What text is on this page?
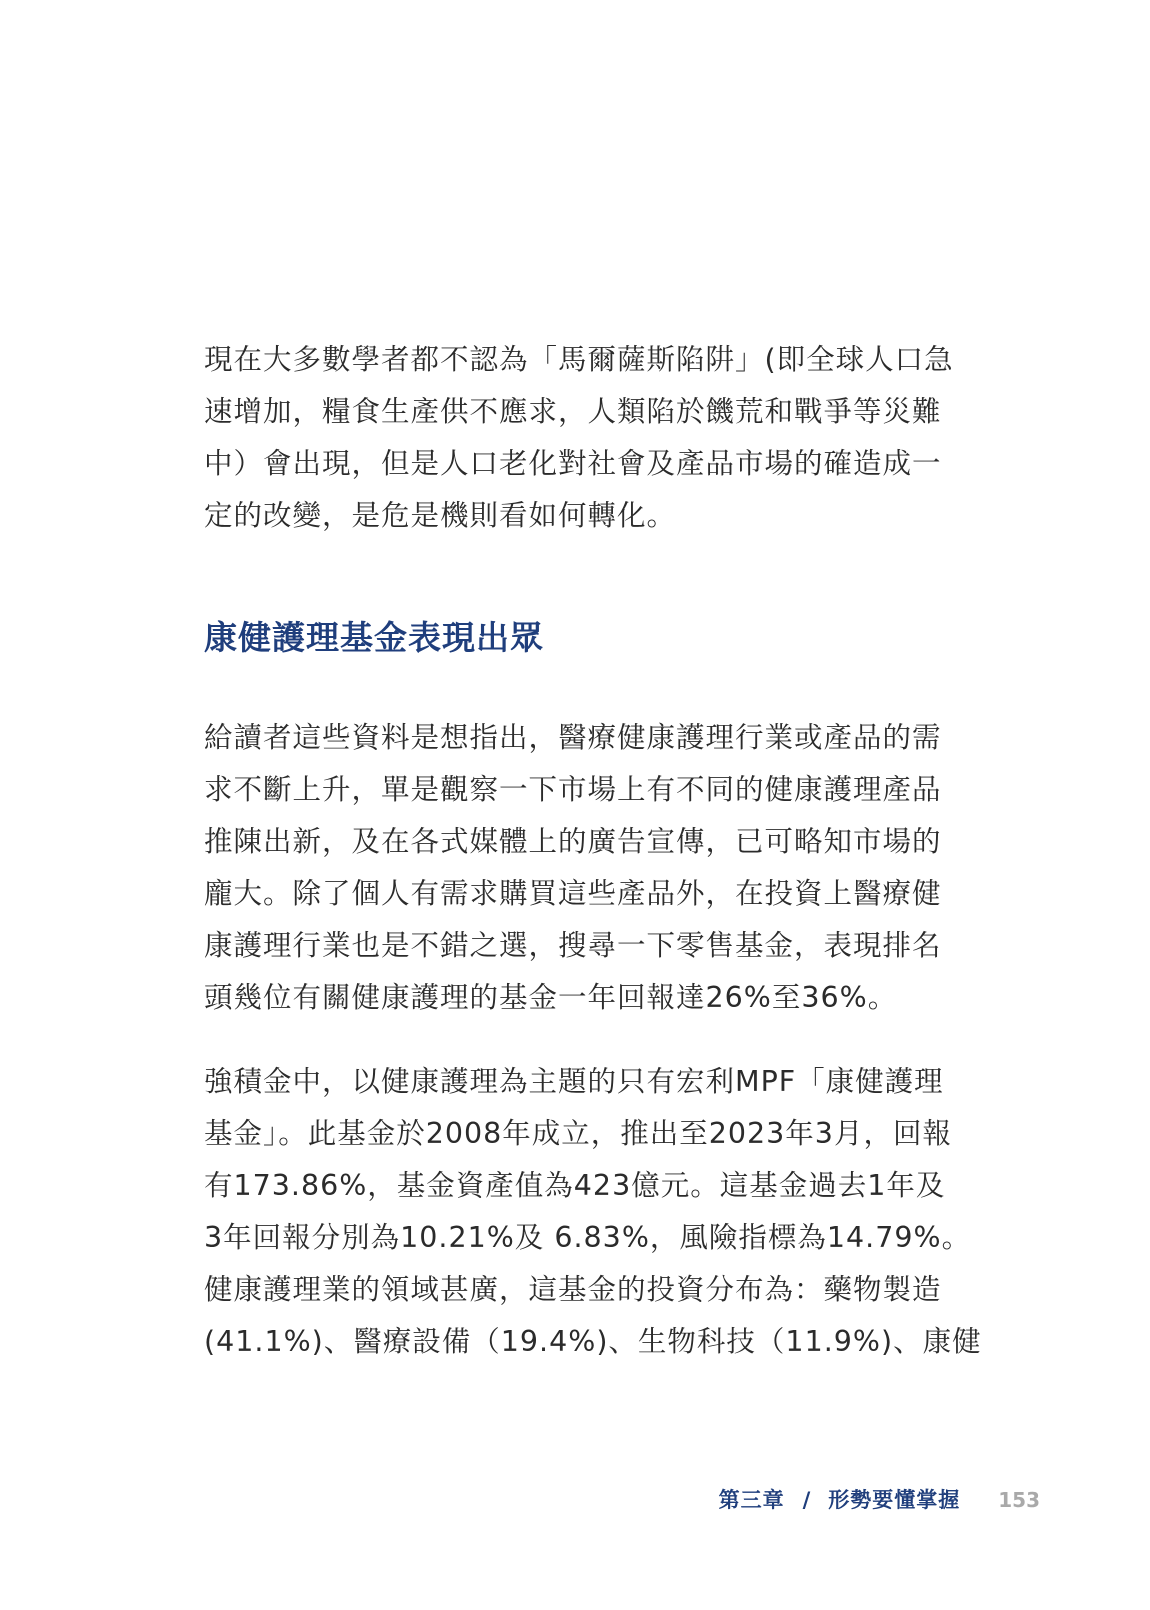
現在大多數學者都不認為「馬爾薩斯陷阱」(即全球人口急
速增加，糧食生產供不應求，人類陷於饑荒和戰爭等災難
中）會出現，但是人口老化對社會及產品市場的確造成一
定的改變，是危是機則看如何轉化。

康健護理基金表現出眾

給讀者這些資料是想指出，醫療健康護理行業或產品的需
求不斷上升，單是觀察一下市場上有不同的健康護理產品
推陳出新，及在各式媒體上的廣告宣傳，已可略知市場的
龐大。除了個人有需求購買這些產品外，在投資上醫療健
康護理行業也是不錯之選，搜尋一下零售基金，表現排名
頭幾位有關健康護理的基金一年回報達26%至36%。

強積金中，以健康護理為主題的只有宏利MPF「康健護理
基金」。此基金於2008年成立，推出至2023年3月，回報
有173.86%，基金資產值為423億元。這基金過去1年及
3年回報分別為10.21%及 6.83%，風險指標為14.79%。
健康護理業的領域甚廣，這基金的投資分布為：藥物製造
(41.1%)、醫療設備（19.4%)、生物科技（11.9%)、康健

第三章 / 形勢要懂掌握 153
